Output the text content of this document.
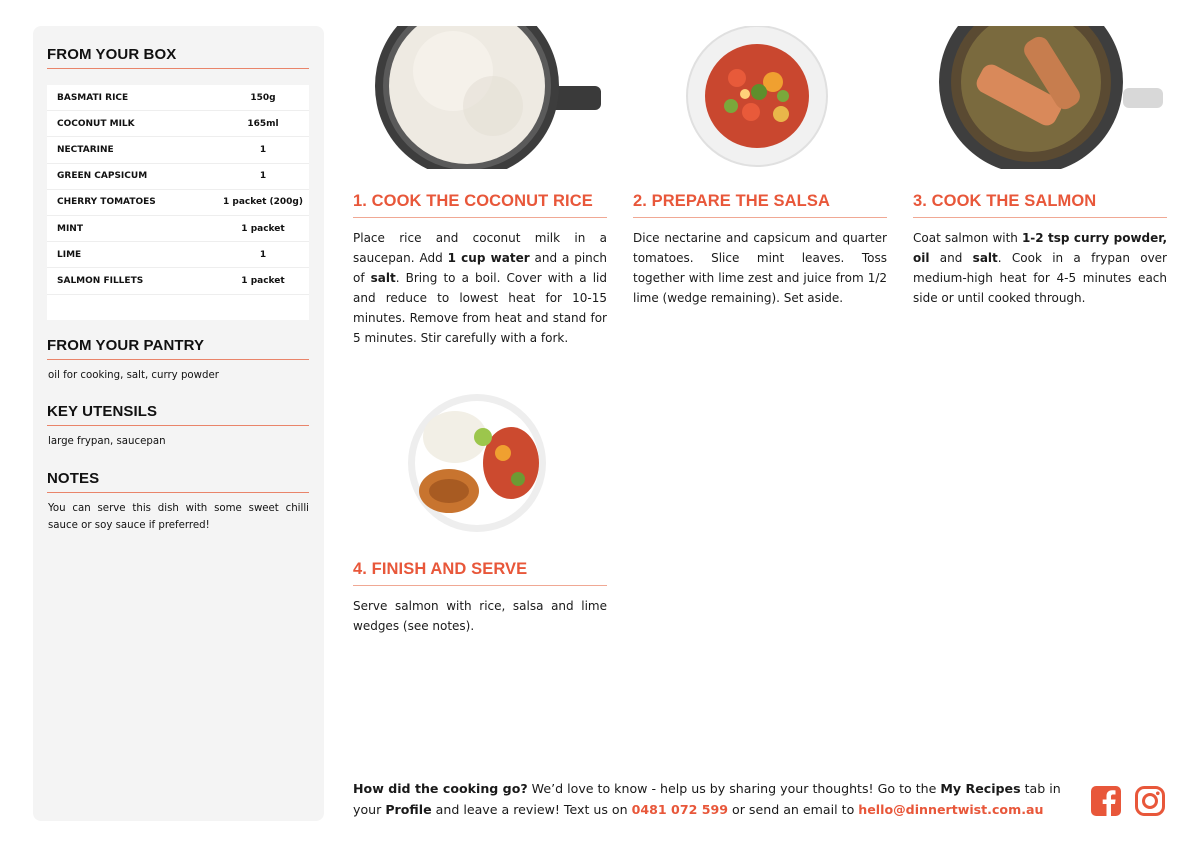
FROM YOUR BOX
BASMATI RICE	150g
COCONUT MILK	165ml
NECTARINE	1
GREEN CAPSICUM	1
CHERRY TOMATOES	1 packet (200g)
MINT	1 packet
LIME	1
SALMON FILLETS	1 packet
FROM YOUR PANTRY
oil for cooking, salt, curry powder
KEY UTENSILS
large frypan, saucepan
NOTES
You can serve this dish with some sweet chilli sauce or soy sauce if preferred!
1. COOK THE COCONUT RICE

Place rice and coconut milk in a saucepan. Add 1 cup water and a pinch of salt. Bring to a boil. Cover with a lid and reduce to lowest heat for 10-15 minutes. Remove from heat and stand for 5 minutes. Stir carefully with a fork.

2. PREPARE THE SALSA

Dice nectarine and capsicum and quarter tomatoes. Slice mint leaves. Toss together with lime zest and juice from 1/2 lime (wedge remaining). Set aside.

3. COOK THE SALMON

Coat salmon with 1-2 tsp curry powder, oil and salt. Cook in a frypan over medium-high heat for 4-5 minutes each side or until cooked through.

4. FINISH AND SERVE

Serve salmon with rice, salsa and lime wedges (see notes).

How did the cooking go? We’d love to know - help us by sharing your thoughts! Go to the My Recipes tab in your Profile and leave a review! Text us on 0481 072 599 or send an email to hello@dinnertwist.com.au
